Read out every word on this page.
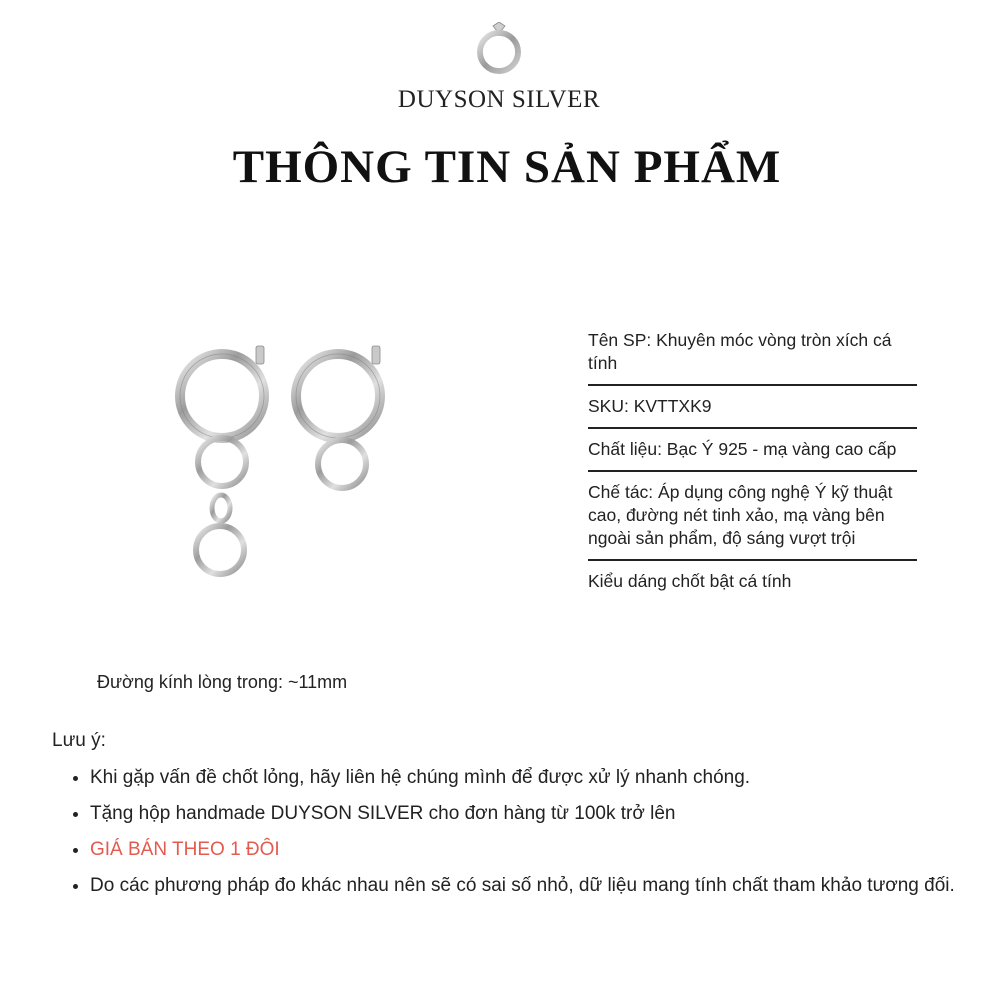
DUYSON SILVER
THÔNG TIN SẢN PHẨM
Tên SP: Khuyên móc vòng tròn xích cá tính
SKU: KVTTXK9
Chất liệu: Bạc Ý 925 - mạ vàng cao cấp
Chế tác: Áp dụng công nghệ Ý kỹ thuật cao, đường nét tinh xảo, mạ vàng bên ngoài sản phẩm, độ sáng vượt trội
Kiểu dáng chốt bật cá tính
Đường kính lòng trong: ~11mm
Lưu ý:
• Khi gặp vấn đề chốt lỏng, hãy liên hệ chúng mình để được xử lý nhanh chóng.
• Tặng hộp handmade DUYSON SILVER cho đơn hàng từ 100k trở lên
• GIÁ BÁN THEO 1 ĐÔI
• Do các phương pháp đo khác nhau nên sẽ có sai số nhỏ, dữ liệu mang tính chất tham khảo tương đối.
